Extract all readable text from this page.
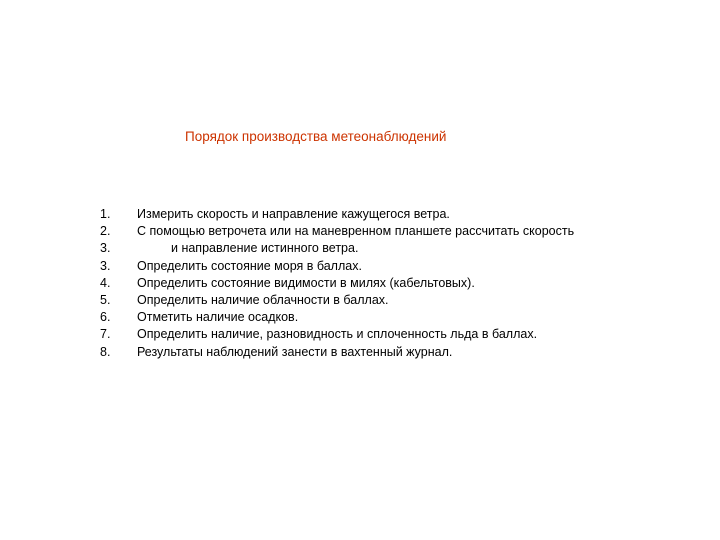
Порядок производства метеонаблюдений
1.	Измерить скорость и направление кажущегося ветра.
2.	С помощью ветрочета или на маневренном планшете рассчитать скорость
3.	и направление истинного ветра.
3.	Определить состояние моря в баллах.
4.	Определить состояние видимости в милях (кабельтовых).
5.	Определить наличие облачности в баллах.
6.	Отметить наличие осадков.
7.	Определить наличие, разновидность и сплоченность льда в баллах.
8.	Результаты наблюдений занести в вахтенный журнал.
